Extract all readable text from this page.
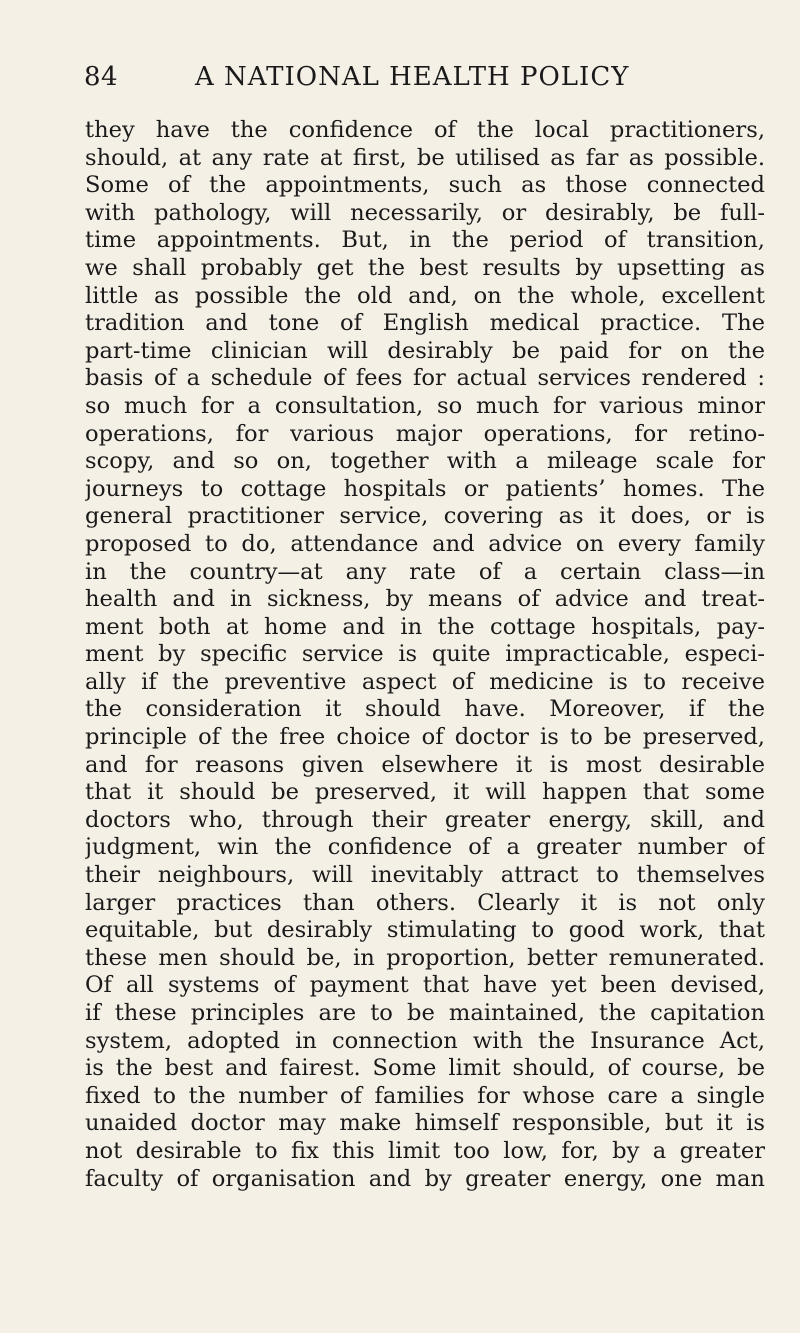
84	A NATIONAL HEALTH POLICY
they have the confidence of the local practitioners,
should, at any rate at first, be utilised as far as possible.
Some of the appointments, such as those connected
with pathology, will necessarily, or desirably, be full-
time appointments. But, in the period of transition,
we shall probably get the best results by upsetting as
little as possible the old and, on the whole, excellent
tradition and tone of English medical practice. The
part-time clinician will desirably be paid for on the
basis of a schedule of fees for actual services rendered :
so much for a consultation, so much for various minor
operations, for various major operations, for retino-
scopy, and so on, together with a mileage scale for
journeys to cottage hospitals or patients’ homes. The
general practitioner service, covering as it does, or is
proposed to do, attendance and advice on every family
in the country—at any rate of a certain class—in
health and in sickness, by means of advice and treat-
ment both at home and in the cottage hospitals, pay-
ment by specific service is quite impracticable, especi-
ally if the preventive aspect of medicine is to receive
the consideration it should have. Moreover, if the
principle of the free choice of doctor is to be preserved,
and for reasons given elsewhere it is most desirable
that it should be preserved, it will happen that some
doctors who, through their greater energy, skill, and
judgment, win the confidence of a greater number of
their neighbours, will inevitably attract to themselves
larger practices than others. Clearly it is not only
equitable, but desirably stimulating to good work, that
these men should be, in proportion, better remunerated.
Of all systems of payment that have yet been devised,
if these principles are to be maintained, the capitation
system, adopted in connection with the Insurance Act,
is the best and fairest. Some limit should, of course, be
fixed to the number of families for whose care a single
unaided doctor may make himself responsible, but it is
not desirable to fix this limit too low, for, by a greater
faculty of organisation and by greater energy, one man
